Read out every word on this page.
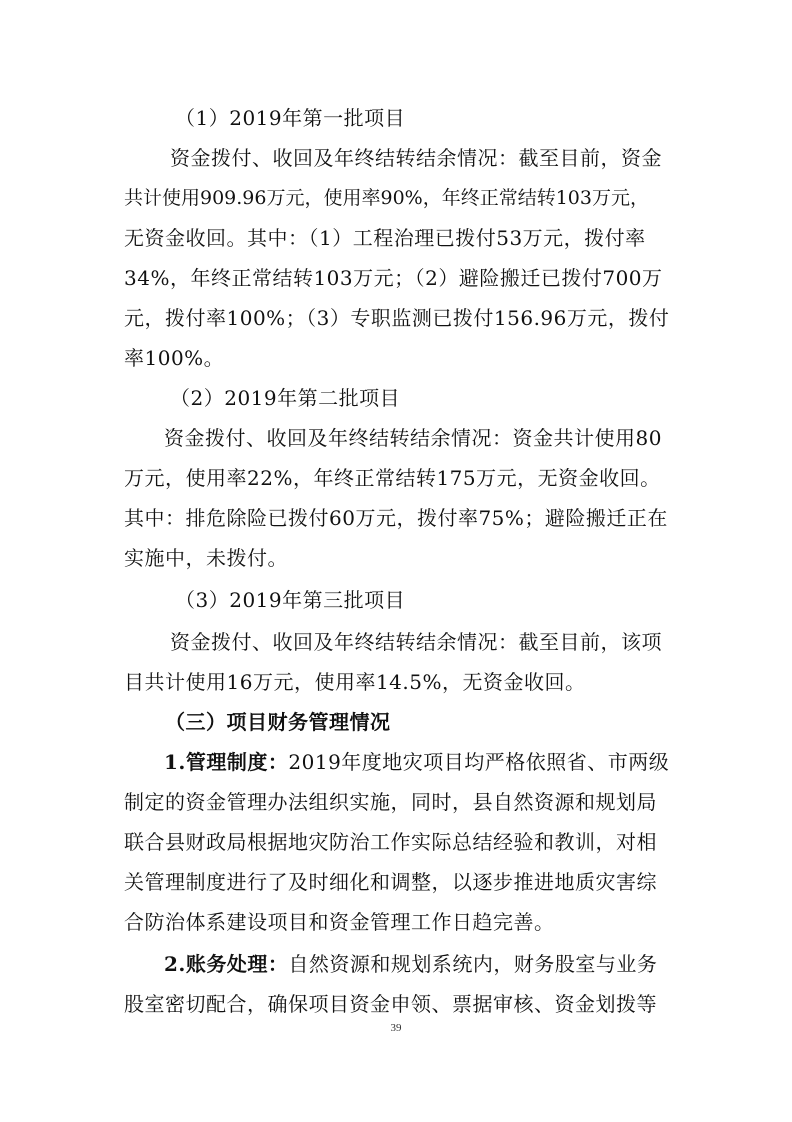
（1）2019年第一批项目

资金拨付、收回及年终结转结余情况：截至目前，资金

共计使用909.96万元，使用率90%，年终正常结转103万元，

无资金收回。其中：（1）工程治理已拨付53万元，拨付率

34%，年终正常结转103万元；（2）避险搬迁已拨付700万

元，拨付率100%；（3）专职监测已拨付156.96万元，拨付

率100%。

（2）2019年第二批项目

资金拨付、收回及年终结转结余情况：资金共计使用80

万元，使用率22%，年终正常结转175万元，无资金收回。

其中：排危除险已拨付60万元，拨付率75%；避险搬迁正在

实施中，未拨付。

（3）2019年第三批项目

资金拨付、收回及年终结转结余情况：截至目前，该项

目共计使用16万元，使用率14.5%，无资金收回。

（三）项目财务管理情况

1.管理制度：2019年度地灾项目均严格依照省、市两级

制定的资金管理办法组织实施，同时，县自然资源和规划局

联合县财政局根据地灾防治工作实际总结经验和教训，对相

关管理制度进行了及时细化和调整，以逐步推进地质灾害综

合防治体系建设项目和资金管理工作日趋完善。

2.账务处理：自然资源和规划系统内，财务股室与业务

股室密切配合，确保项目资金申领、票据审核、资金划拨等

39
